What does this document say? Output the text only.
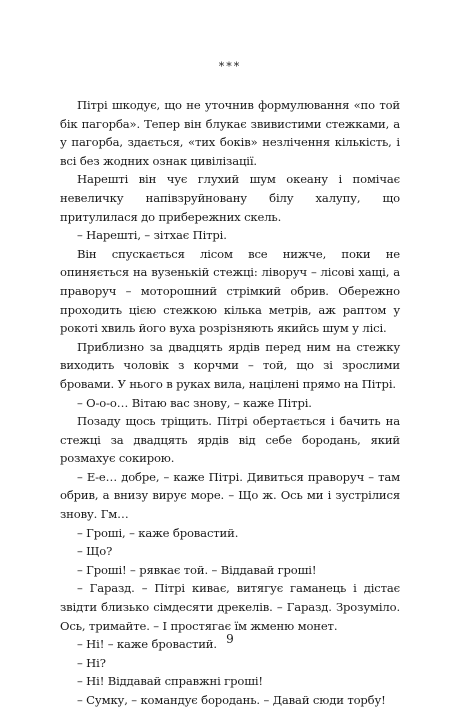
***

Пітрі шкодує, що не уточнив формулювання «по той бік пагорба». Тепер він блукає звивистими стежками, а у пагорба, здається, «тих боків» незлічення кількість, і всі без жодних ознак цивілізації.

Нарешті він чує глухий шум океану і помічає невеличку напівзруйновану білу халупу, що притулилася до прибережних скель.

– Нарешті, – зітхає Пітрі.

Він спускається лісом все нижче, поки не опиняється на вузенькій стежці: ліворуч – лісові хащі, а праворуч – моторошний стрімкий обрив. Обережно проходить цією стежкою кілька метрів, аж раптом у рокоті хвиль його вуха розрізняють якийсь шум у лісі.

Приблизно за двадцять ярдів перед ним на стежку виходить чоловік з корчми – той, що зі зрослими бровами. У нього в руках вила, націлені прямо на Пітрі.

– О-о-о… Вітаю вас знову, – каже Пітрі.

Позаду щось тріщить. Пітрі обертається і бачить на стежці за двадцять ярдів від себе бородань, який розмахує сокирою.

– Е-е… добре, – каже Пітрі. Дивиться праворуч – там обрив, а внизу вирує море. – Що ж. Ось ми і зустрілися знову. Гм…

– Гроші, – каже бровастий.

– Що?

– Гроші! – рявкає той. – Віддавай гроші!

– Гаразд. – Пітрі киває, витягує гаманець і дістає звідти близько сімдесяти дрекелів. – Гаразд. Зрозуміло. Ось, тримайте. – І простягає їм жменю монет.

– Ні! – каже бровастий.

– Ні?

– Ні! Віддавай справжні гроші!

– Сумку, – командує бородань. – Давай сюди торбу!

9
